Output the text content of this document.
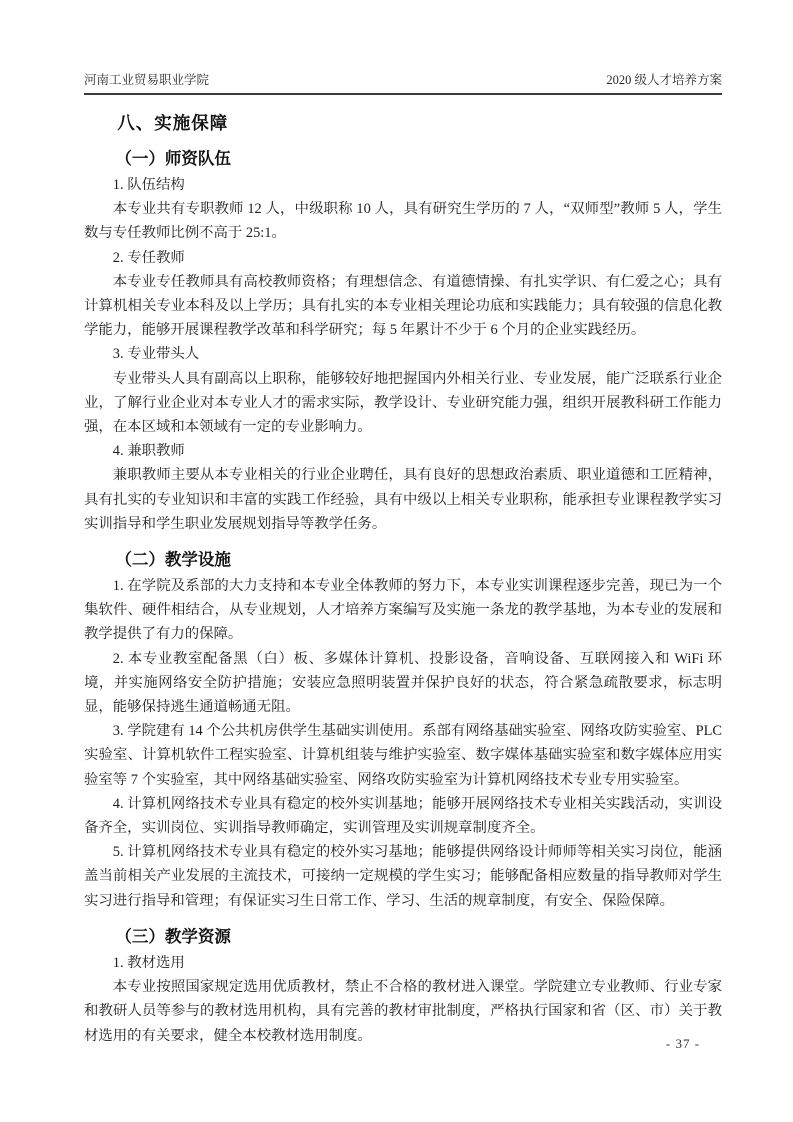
河南工业贸易职业学院	2020 级人才培养方案
八、实施保障
（一）师资队伍

1. 队伍结构

本专业共有专职教师 12 人，中级职称 10 人，具有研究生学历的 7 人，“双师型”教师 5 人，学生数与专任教师比例不高于 25:1。

2. 专任教师

本专业专任教师具有高校教师资格；有理想信念、有道德情操、有扎实学识、有仁爱之心；具有计算机相关专业本科及以上学历；具有扎实的本专业相关理论功底和实践能力；具有较强的信息化教学能力，能够开展课程教学改革和科学研究；每 5 年累计不少于 6 个月的企业实践经历。

3. 专业带头人

专业带头人具有副高以上职称，能够较好地把握国内外相关行业、专业发展，能广泛联系行业企业，了解行业企业对本专业人才的需求实际，教学设计、专业研究能力强，组织开展教科研工作能力强，在本区域和本领域有一定的专业影响力。

4. 兼职教师

兼职教师主要从本专业相关的行业企业聘任，具有良好的思想政治素质、职业道德和工匠精神，具有扎实的专业知识和丰富的实践工作经验，具有中级以上相关专业职称，能承担专业课程教学实习实训指导和学生职业发展规划指导等教学任务。

（二）教学设施

1. 在学院及系部的大力支持和本专业全体教师的努力下，本专业实训课程逐步完善，现已为一个集软件、硬件相结合，从专业规划，人才培养方案编写及实施一条龙的教学基地，为本专业的发展和教学提供了有力的保障。

2. 本专业教室配备黑（白）板、多媒体计算机、投影设备，音响设备、互联网接入和 WiFi 环境，并实施网络安全防护措施；安装应急照明装置并保护良好的状态，符合紧急疏散要求，标志明显，能够保持逃生通道畅通无阻。

3. 学院建有 14 个公共机房供学生基础实训使用。系部有网络基础实验室、网络攻防实验室、PLC 实验室、计算机软件工程实验室、计算机组装与维护实验室、数字媒体基础实验室和数字媒体应用实验室等 7 个实验室，其中网络基础实验室、网络攻防实验室为计算机网络技术专业专用实验室。

4. 计算机网络技术专业具有稳定的校外实训基地；能够开展网络技术专业相关实践活动，实训设备齐全，实训岗位、实训指导教师确定，实训管理及实训规章制度齐全。

5. 计算机网络技术专业具有稳定的校外实习基地；能够提供网络设计师师等相关实习岗位，能涵盖当前相关产业发展的主流技术，可接纳一定规模的学生实习；能够配备相应数量的指导教师对学生实习进行指导和管理；有保证实习生日常工作、学习、生活的规章制度，有安全、保险保障。

（三）教学资源

1. 教材选用

本专业按照国家规定选用优质教材，禁止不合格的教材进入课堂。学院建立专业教师、行业专家和教研人员等参与的教材选用机构，具有完善的教材审批制度，严格执行国家和省（区、市）关于教材选用的有关要求，健全本校教材选用制度。	- 37 -
